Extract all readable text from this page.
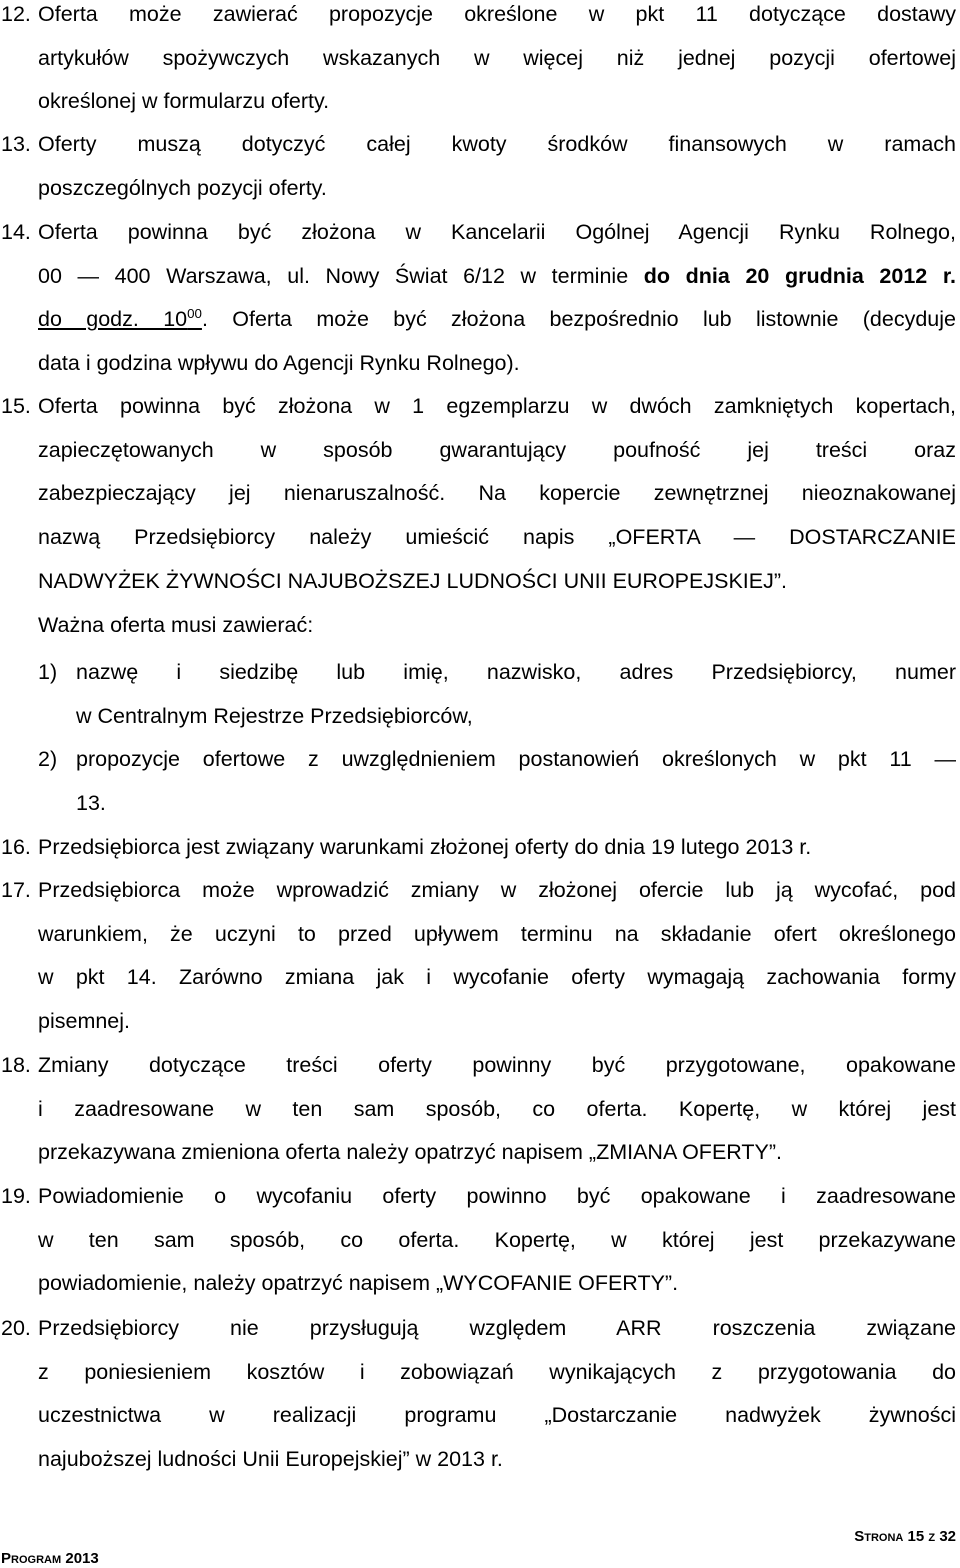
12. Oferta może zawierać propozycje określone w pkt 11 dotyczące dostawy
artykułów spożywczych wskazanych w więcej niż jednej pozycji ofertowej
określonej w formularzu oferty.
13. Oferty muszą dotyczyć całej kwoty środków finansowych w ramach
poszczególnych pozycji oferty.
14. Oferta powinna być złożona w Kancelarii Ogólnej Agencji Rynku Rolnego,
00 — 400 Warszawa, ul. Nowy Świat 6/12 w terminie do dnia 20 grudnia 2012 r.
do godz. $10^{00}$. Oferta może być złożona bezpośrednio lub listownie (decyduje
data i godzina wpływu do Agencji Rynku Rolnego).
15. Oferta powinna być złożona w 1 egzemplarzu w dwóch zamkniętych kopertach,
zapieczętowanych w sposób gwarantujący poufność jej treści oraz
zabezpieczający jej nienaruszalność. Na kopercie zewnętrznej nieoznakowanej
nazwą Przedsiębiorcy należy umieścić napis „OFERTA — DOSTARCZANIE
NADWYŻEK ŻYWNOŚCI NAJUBOŻSZEJ LUDNOŚCI UNII EUROPEJSKIEJ”.
Ważna oferta musi zawierać:
1) nazwę i siedzibę lub imię, nazwisko, adres Przedsiębiorcy, numer
w Centralnym Rejestrze Przedsiębiorców,
2) propozycje ofertowe z uwzględnieniem postanowień określonych w pkt 11 —
13.
16. Przedsiębiorca jest związany warunkami złożonej oferty do dnia 19 lutego 2013 r.
17. Przedsiębiorca może wprowadzić zmiany w złożonej ofercie lub ją wycofać, pod
warunkiem, że uczyni to przed upływem terminu na składanie ofert określonego
w pkt 14. Zarówno zmiana jak i wycofanie oferty wymagają zachowania formy
pisemnej.
18. Zmiany dotyczące treści oferty powinny być przygotowane, opakowane
i zaadresowane w ten sam sposób, co oferta. Kopertę, w której jest
przekazywana zmieniona oferta należy opatrzyć napisem „ZMIANA OFERTY”.
19. Powiadomienie o wycofaniu oferty powinno być opakowane i zaadresowane
w ten sam sposób, co oferta. Kopertę, w której jest przekazywane
powiadomienie, należy opatrzyć napisem „WYCOFANIE OFERTY”.
20. Przedsiębiorcy nie przysługują względem ARR roszczenia związane
z poniesieniem kosztów i zobowiązań wynikających z przygotowania do
uczestnictwa w realizacji programu „Dostarczanie nadwyżek żywności
najuboższej ludności Unii Europejskiej” w 2013 r.
STRONA 15 Z 32
PROGRAM 2013
